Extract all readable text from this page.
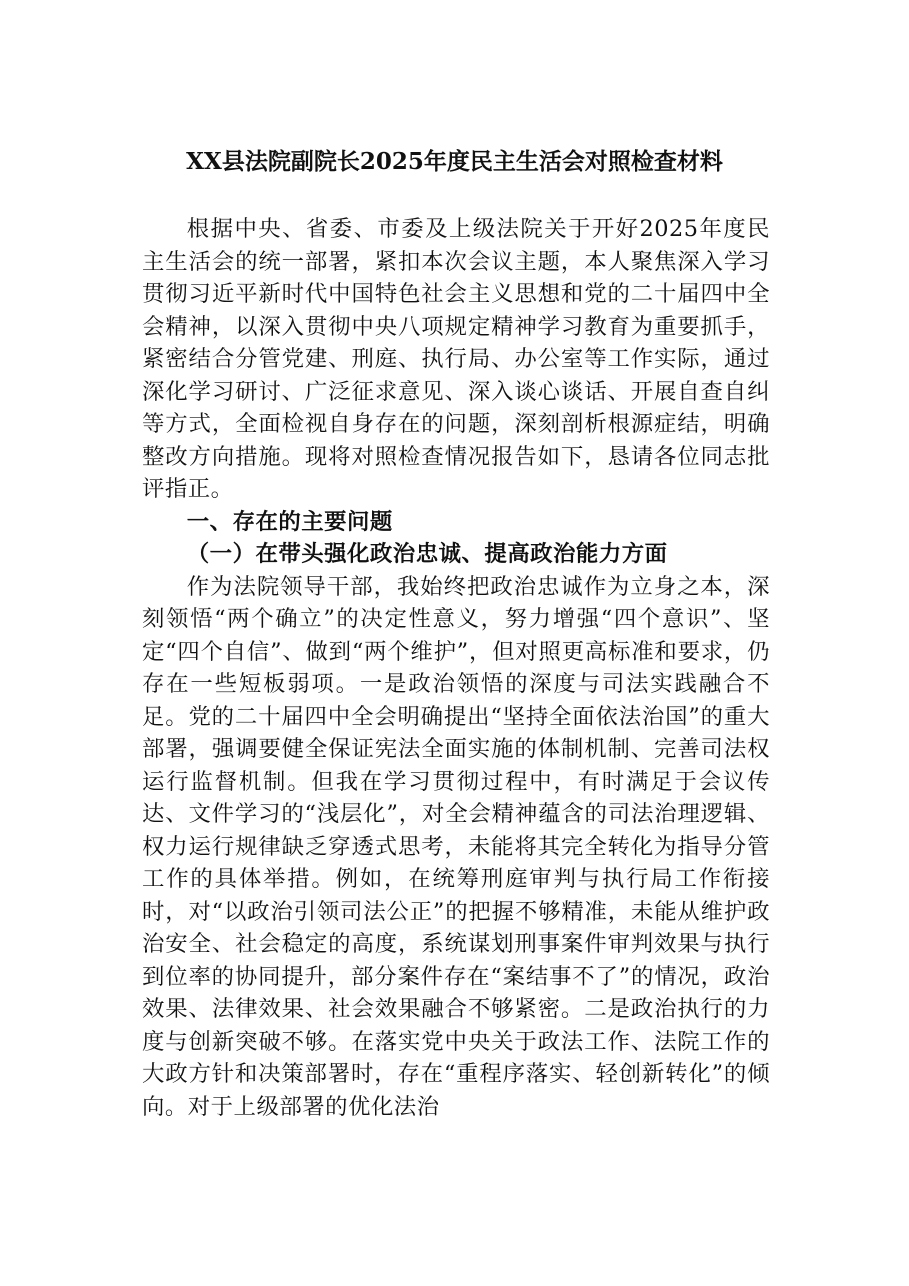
XX县法院副院长2025年度民主生活会对照检查材料

根据中央、省委、市委及上级法院关于开好2025年度民主生活会的统一部署，紧扣本次会议主题，本人聚焦深入学习贯彻习近平新时代中国特色社会主义思想和党的二十届四中全会精神，以深入贯彻中央八项规定精神学习教育为重要抓手，紧密结合分管党建、刑庭、执行局、办公室等工作实际，通过深化学习研讨、广泛征求意见、深入谈心谈话、开展自查自纠等方式，全面检视自身存在的问题，深刻剖析根源症结，明确整改方向措施。现将对照检查情况报告如下，恳请各位同志批评指正。

一、存在的主要问题

（一）在带头强化政治忠诚、提高政治能力方面

作为法院领导干部，我始终把政治忠诚作为立身之本，深刻领悟“两个确立”的决定性意义，努力增强“四个意识”、坚定“四个自信”、做到“两个维护”，但对照更高标准和要求，仍存在一些短板弱项。一是政治领悟的深度与司法实践融合不足。党的二十届四中全会明确提出“坚持全面依法治国”的重大部署，强调要健全保证宪法全面实施的体制机制、完善司法权运行监督机制。但我在学习贯彻过程中，有时满足于会议传达、文件学习的“浅层化”，对全会精神蕴含的司法治理逻辑、权力运行规律缺乏穿透式思考，未能将其完全转化为指导分管工作的具体举措。例如，在统筹刑庭审判与执行局工作衔接时，对“以政治引领司法公正”的把握不够精准，未能从维护政治安全、社会稳定的高度，系统谋划刑事案件审判效果与执行到位率的协同提升，部分案件存在“案结事不了”的情况，政治效果、法律效果、社会效果融合不够紧密。二是政治执行的力度与创新突破不够。在落实党中央关于政法工作、法院工作的大政方针和决策部署时，存在“重程序落实、轻创新转化”的倾向。对于上级部署的优化法治
